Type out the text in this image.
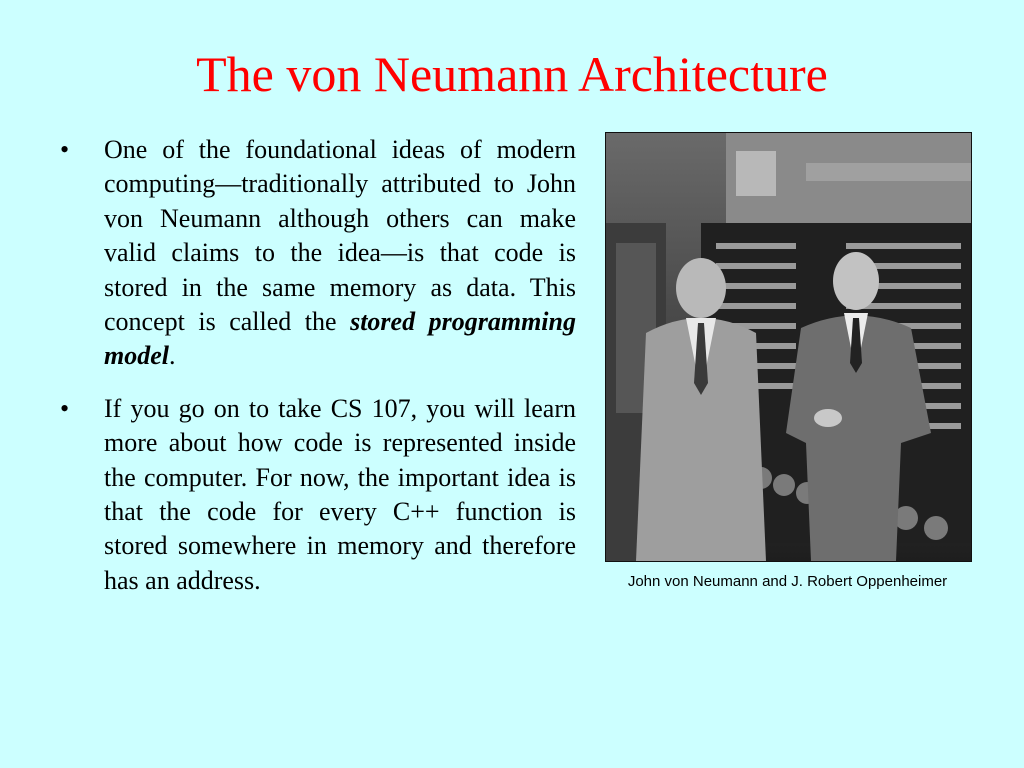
The von Neumann Architecture
• One of the foundational ideas of modern computing—traditionally attributed to John von Neumann although others can make valid claims to the idea—is that code is stored in the same memory as data. This concept is called the stored programming model.
• If you go on to take CS 107, you will learn more about how code is represented inside the computer. For now, the important idea is that the code for every C++ function is stored somewhere in memory and therefore has an address.	John von Neumann and J. Robert Oppenheimer
